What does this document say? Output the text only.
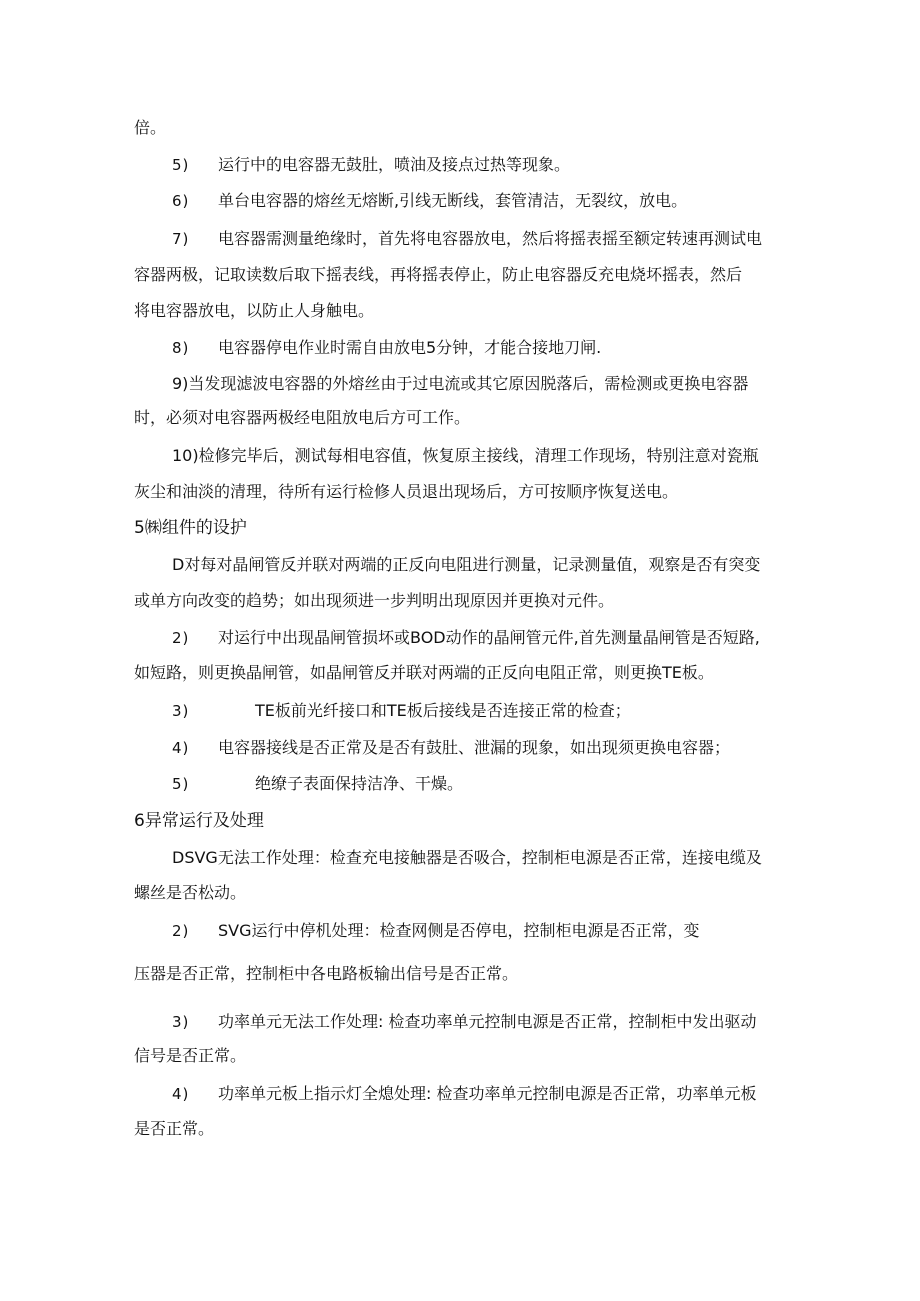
倍。
5) 运行中的电容器无鼓肚，喷油及接点过热等现象。
6) 单台电容器的熔丝无熔断,引线无断线，套管清洁，无裂纹，放电。
7) 电容器需测量绝缘时，首先将电容器放电，然后将摇表摇至额定转速再测试电
容器两极，记取读数后取下摇表线，再将摇表停止，防止电容器反充电烧坏摇表，然后
将电容器放电，以防止人身触电。
8) 电容器停电作业时需自由放电5分钟，才能合接地刀闸.
9)当发现滤波电容器的外熔丝由于过电流或其它原因脱落后，需检测或更换电容器
时，必须对电容器两极经电阻放电后方可工作。
10)检修完毕后，测试每相电容值，恢复原主接线，清理工作现场，特别注意对瓷瓶
灰尘和油淡的清理，待所有运行检修人员退出现场后，方可按顺序恢复送电。
5㈱组件的设护
D对每对晶闸管反并联对两端的正反向电阻进行测量，记录测量值，观察是否有突变
或单方向改变的趋势；如出现须进一步判明出现原因并更换对元件。
2) 对运行中出现晶闸管损坏或BOD动作的晶闸管元件,首先测量晶闸管是否短路,
如短路，则更换晶闸管，如晶闸管反并联对两端的正反向电阻正常，则更换TE板。
3)	TE板前光纤接口和TE板后接线是否连接正常的检查；
4) 电容器接线是否正常及是否有鼓肚、泄漏的现象，如出现须更换电容器；
5)	绝缭子表面保持洁净、干燥。
6异常运行及处理
DSVG无法工作处理：检查充电接触器是否吸合，控制柜电源是否正常，连接电缆及
螺丝是否松动。
2) SVG运行中停机处理：检查网侧是否停电，控制柜电源是否正常，变
压器是否正常，控制柜中各电路板输出信号是否正常。
3) 功率单元无法工作处理: 检查功率单元控制电源是否正常，控制柜中发出驱动
信号是否正常。
4) 功率单元板上指示灯全熄处理: 检查功率单元控制电源是否正常，功率单元板
是否正常。
